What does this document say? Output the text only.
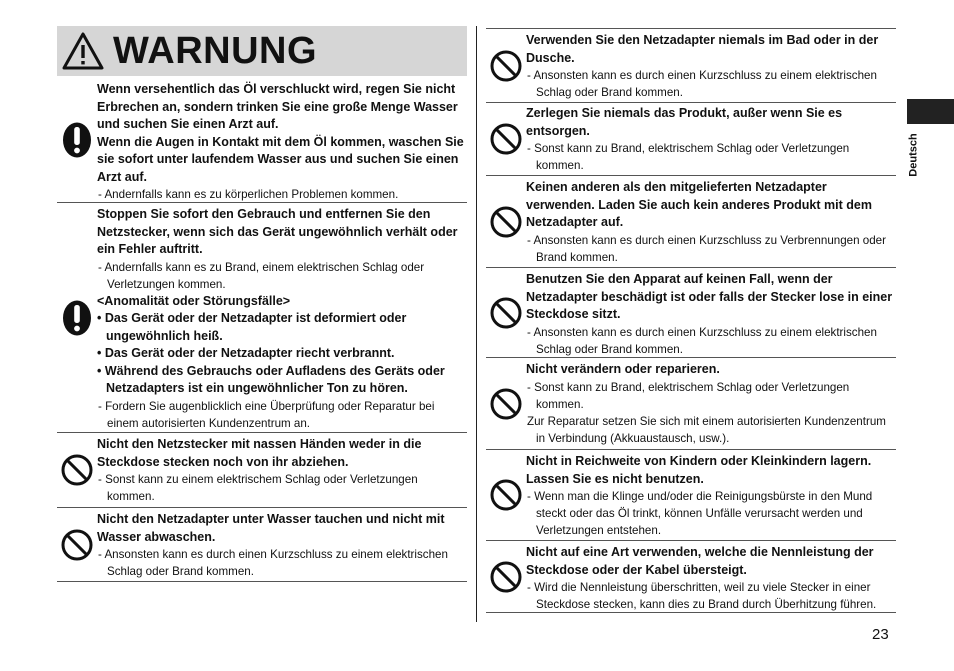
WARNUNG
Wenn versehentlich das Öl verschluckt wird, regen Sie nicht Erbrechen an, sondern trinken Sie eine große Menge Wasser und suchen Sie einen Arzt auf.
Wenn die Augen in Kontakt mit dem Öl kommen, waschen Sie sie sofort unter laufendem Wasser aus und suchen Sie einen Arzt auf.
- Andernfalls kann es zu körperlichen Problemen kommen.
Stoppen Sie sofort den Gebrauch und entfernen Sie den Netzstecker, wenn sich das Gerät ungewöhnlich verhält oder ein Fehler auftritt.
- Andernfalls kann es zu Brand, einem elektrischen Schlag oder Verletzungen kommen.
<Anomalität oder Störungsfälle>
• Das Gerät oder der Netzadapter ist deformiert oder ungewöhnlich heiß.
• Das Gerät oder der Netzadapter riecht verbrannt.
• Während des Gebrauchs oder Aufladens des Geräts oder Netzadapters ist ein ungewöhnlicher Ton zu hören.
- Fordern Sie augenblicklich eine Überprüfung oder Reparatur bei einem autorisierten Kundenzentrum an.
Nicht den Netzstecker mit nassen Händen weder in die Steckdose stecken noch von ihr abziehen.
- Sonst kann zu einem elektrischem Schlag oder Verletzungen kommen.
Nicht den Netzadapter unter Wasser tauchen und nicht mit Wasser abwaschen.
- Ansonsten kann es durch einen Kurzschluss zu einem elektrischen Schlag oder Brand kommen.
Verwenden Sie den Netzadapter niemals im Bad oder in der Dusche.
- Ansonsten kann es durch einen Kurzschluss zu einem elektrischen Schlag oder Brand kommen.
Zerlegen Sie niemals das Produkt, außer wenn Sie es entsorgen.
- Sonst kann zu Brand, elektrischem Schlag oder Verletzungen kommen.
Keinen anderen als den mitgelieferten Netzadapter verwenden. Laden Sie auch kein anderes Produkt mit dem Netzadapter auf.
- Ansonsten kann es durch einen Kurzschluss zu Verbrennungen oder Brand kommen.
Benutzen Sie den Apparat auf keinen Fall, wenn der Netzadapter beschädigt ist oder falls der Stecker lose in einer Steckdose sitzt.
- Ansonsten kann es durch einen Kurzschluss zu einem elektrischen Schlag oder Brand kommen.
Nicht verändern oder reparieren.
- Sonst kann zu Brand, elektrischem Schlag oder Verletzungen kommen.
Zur Reparatur setzen Sie sich mit einem autorisierten Kundenzentrum in Verbindung (Akkuaustausch, usw.).
Nicht in Reichweite von Kindern oder Kleinkindern lagern. Lassen Sie es nicht benutzen.
- Wenn man die Klinge und/oder die Reinigungsbürste in den Mund steckt oder das Öl trinkt, können Unfälle verursacht werden und Verletzungen entstehen.
Nicht auf eine Art verwenden, welche die Nennleistung der Steckdose oder der Kabel übersteigt.
- Wird die Nennleistung überschritten, weil zu viele Stecker in einer Steckdose stecken, kann dies zu Brand durch Überhitzung führen.
Deutsch
23
